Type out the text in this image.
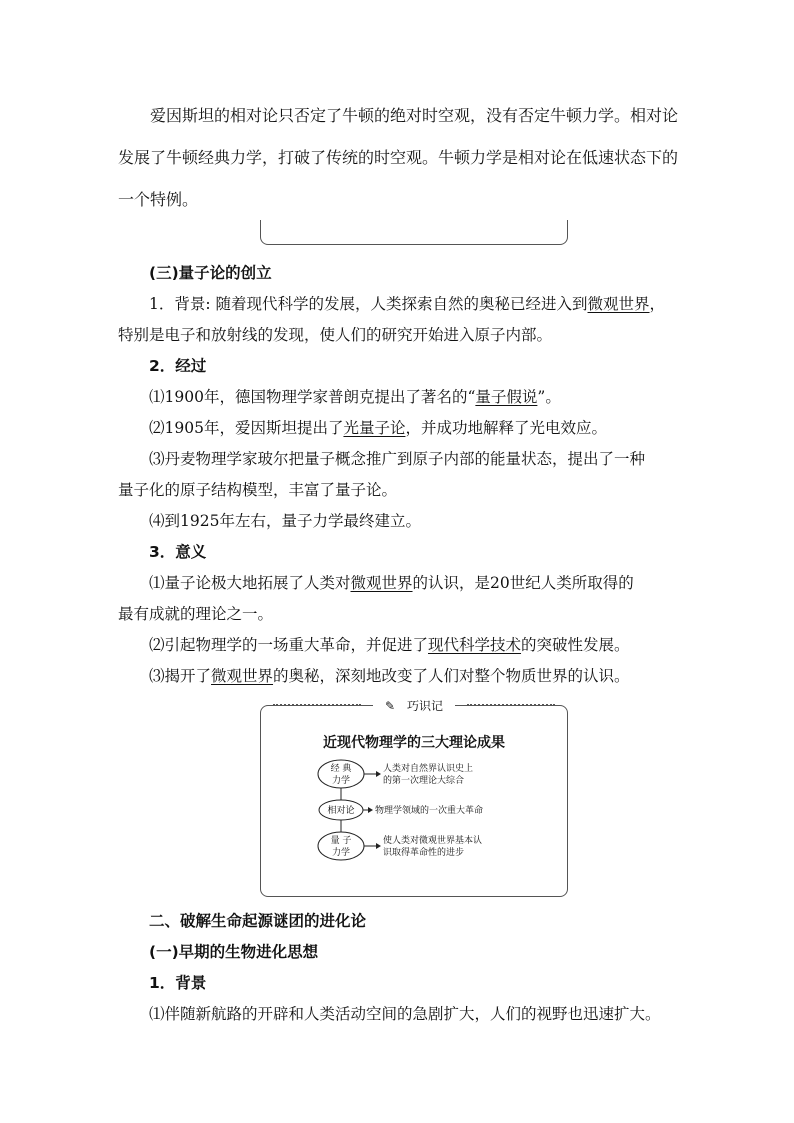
爱因斯坦的相对论只否定了牛顿的绝对时空观，没有否定牛顿力学。相对论

发展了牛顿经典力学，打破了传统的时空观。牛顿力学是相对论在低速状态下的

一个特例。

(三)量子论的创立

1．背景: 随着现代科学的发展，人类探索自然的奥秘已经进入到微观世界，

特别是电子和放射线的发现，使人们的研究开始进入原子内部。

2．经过

⑴1900年，德国物理学家普朗克提出了著名的“量子假说”。

⑵1905年，爱因斯坦提出了光量子论，并成功地解释了光电效应。

⑶丹麦物理学家玻尔把量子概念推广到原子内部的能量状态，提出了一种

量子化的原子结构模型，丰富了量子论。

⑷到1925年左右，量子力学最终建立。

3．意义

⑴量子论极大地拓展了人类对微观世界的认识，是20世纪人类所取得的

最有成就的理论之一。

⑵引起物理学的一场重大革命，并促进了现代科学技术的突破性发展。

⑶揭开了微观世界的奥秘，深刻地改变了人们对整个物质世界的认识。

✎ 巧识记
近现代物理学的三大理论成果
经 典
力学
人类对自然界认识史上
的第一次理论大综合
相对论 物理学领域的一次重大革命
量 子
力学
使人类对微观世界基本认
识取得革命性的进步

二、破解生命起源谜团的进化论

(一)早期的生物进化思想

1．背景

⑴伴随新航路的开辟和人类活动空间的急剧扩大，人们的视野也迅速扩大。
